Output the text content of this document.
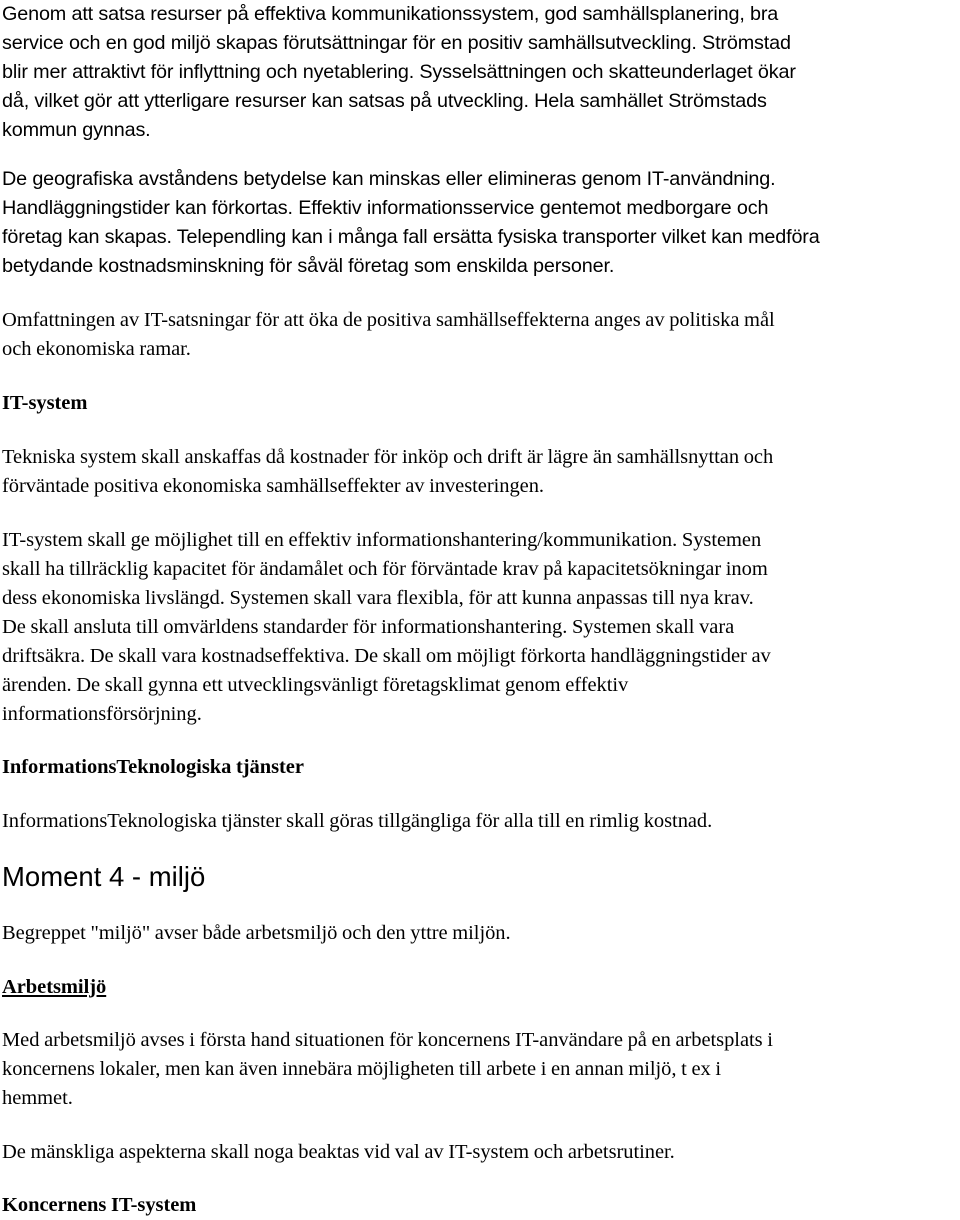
Genom att satsa resurser på effektiva kommunikationssystem, god samhällsplanering, bra
service och en god miljö skapas förutsättningar för en positiv samhällsutveckling. Strömstad
blir mer attraktivt för inflyttning och nyetablering. Sysselsättningen och skatteunderlaget ökar
då, vilket gör att ytterligare resurser kan satsas på utveckling. Hela samhället Strömstads
kommun gynnas.

De geografiska avståndens betydelse kan minskas eller elimineras genom IT-användning.
Handläggningstider kan förkortas. Effektiv informationsservice gentemot medborgare och
företag kan skapas. Telependling kan i många fall ersätta fysiska transporter vilket kan medföra
betydande kostnadsminskning för såväl företag som enskilda personer.

Omfattningen av IT-satsningar för att öka de positiva samhällseffekterna anges av politiska mål
och ekonomiska ramar.

IT-system

Tekniska system skall anskaffas då kostnader för inköp och drift är lägre än samhällsnyttan och
förväntade positiva ekonomiska samhällseffekter av investeringen.

IT-system skall ge möjlighet till en effektiv informationshantering/kommunikation. Systemen
skall ha tillräcklig kapacitet för ändamålet och för förväntade krav på kapacitetsökningar inom
dess ekonomiska livslängd. Systemen skall vara flexibla, för att kunna anpassas till nya krav.
De skall ansluta till omvärldens standarder för informationshantering. Systemen skall vara
driftsäkra. De skall vara kostnadseffektiva. De skall om möjligt förkorta handläggningstider av
ärenden. De skall gynna ett utvecklingsvänligt företagsklimat genom effektiv
informationsförsörjning.

InformationsTeknologiska tjänster

InformationsTeknologiska tjänster skall göras tillgängliga för alla till en rimlig kostnad.

Moment 4 - miljö

Begreppet "miljö" avser både arbetsmiljö och den yttre miljön.

Arbetsmiljö

Med arbetsmiljö avses i första hand situationen för koncernens IT-användare på en arbetsplats i
koncernens lokaler, men kan även innebära möjligheten till arbete i en annan miljö, t ex i
hemmet.

De mänskliga aspekterna skall noga beaktas vid val av IT-system och arbetsrutiner.

Koncernens IT-system
